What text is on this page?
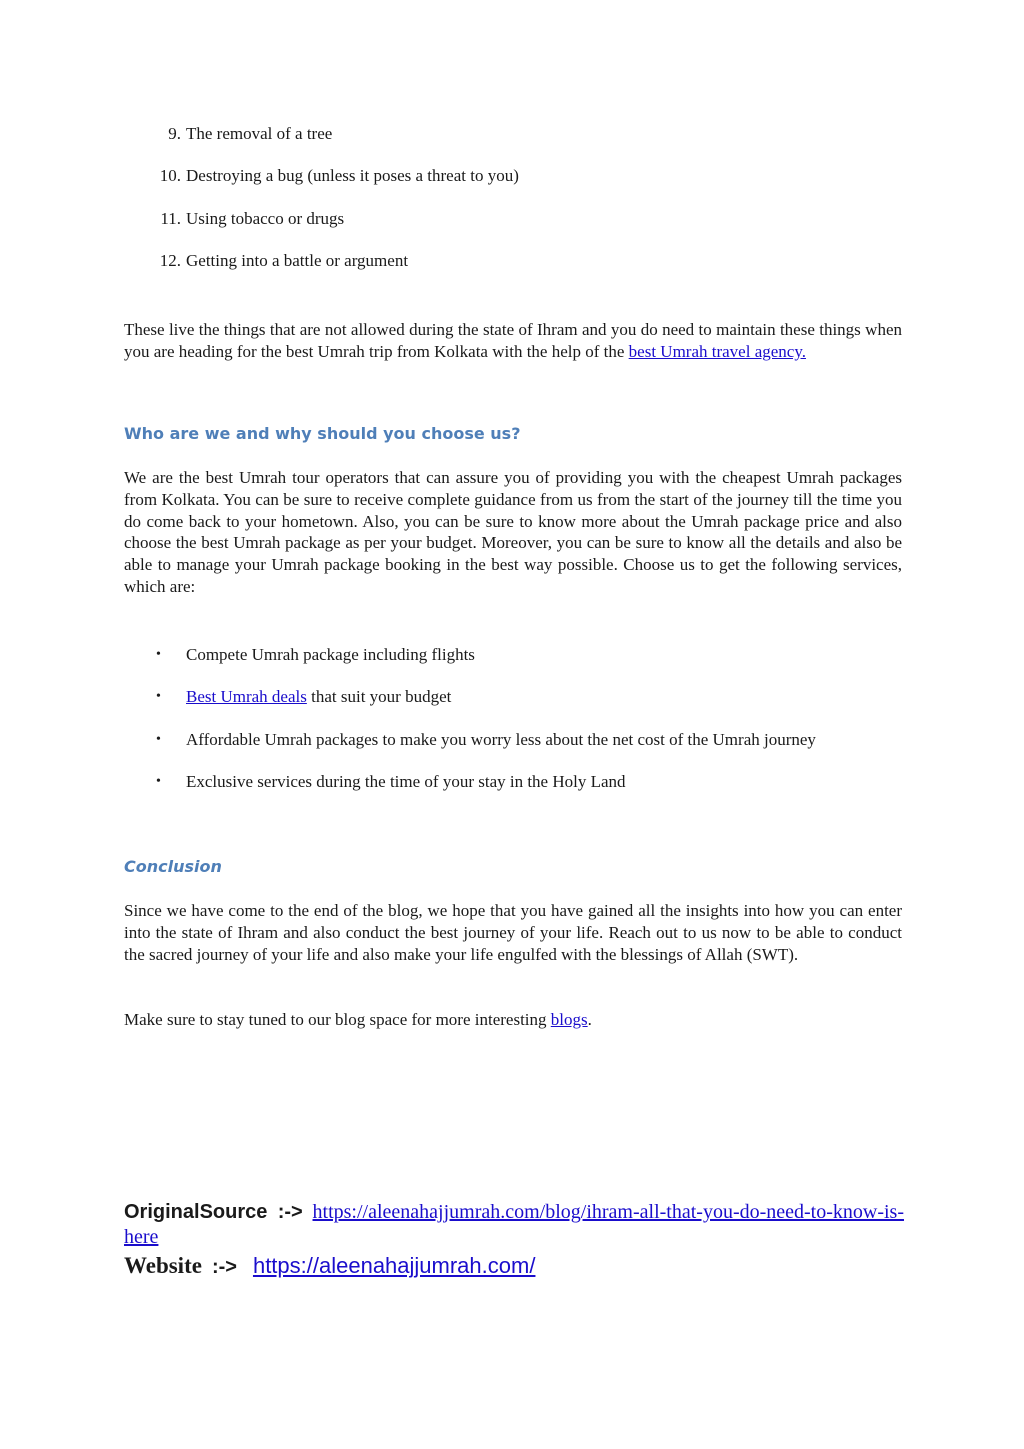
9. The removal of a tree
10. Destroying a bug (unless it poses a threat to you)
11. Using tobacco or drugs
12. Getting into a battle or argument

These live the things that are not allowed during the state of Ihram and you do need to maintain these things when you are heading for the best Umrah trip from Kolkata with the help of the best Umrah travel agency.

Who are we and why should you choose us?

We are the best Umrah tour operators that can assure you of providing you with the cheapest Umrah packages from Kolkata. You can be sure to receive complete guidance from us from the start of the journey till the time you do come back to your hometown. Also, you can be sure to know more about the Umrah package price and also choose the best Umrah package as per your budget. Moreover, you can be sure to know all the details and also be able to manage your Umrah package booking in the best way possible. Choose us to get the following services, which are:

• Compete Umrah package including flights
• Best Umrah deals that suit your budget
• Affordable Umrah packages to make you worry less about the net cost of the Umrah journey
• Exclusive services during the time of your stay in the Holy Land
Conclusion

Since we have come to the end of the blog, we hope that you have gained all the insights into how you can enter into the state of Ihram and also conduct the best journey of your life. Reach out to us now to be able to conduct the sacred journey of your life and also make your life engulfed with the blessings of Allah (SWT).

Make sure to stay tuned to our blog space for more interesting blogs.

OriginalSource :-> https://aleenahajjumrah.com/blog/ihram-all-that-you-do-need-to-know-is-here
Website :-> https://aleenahajjumrah.com/
